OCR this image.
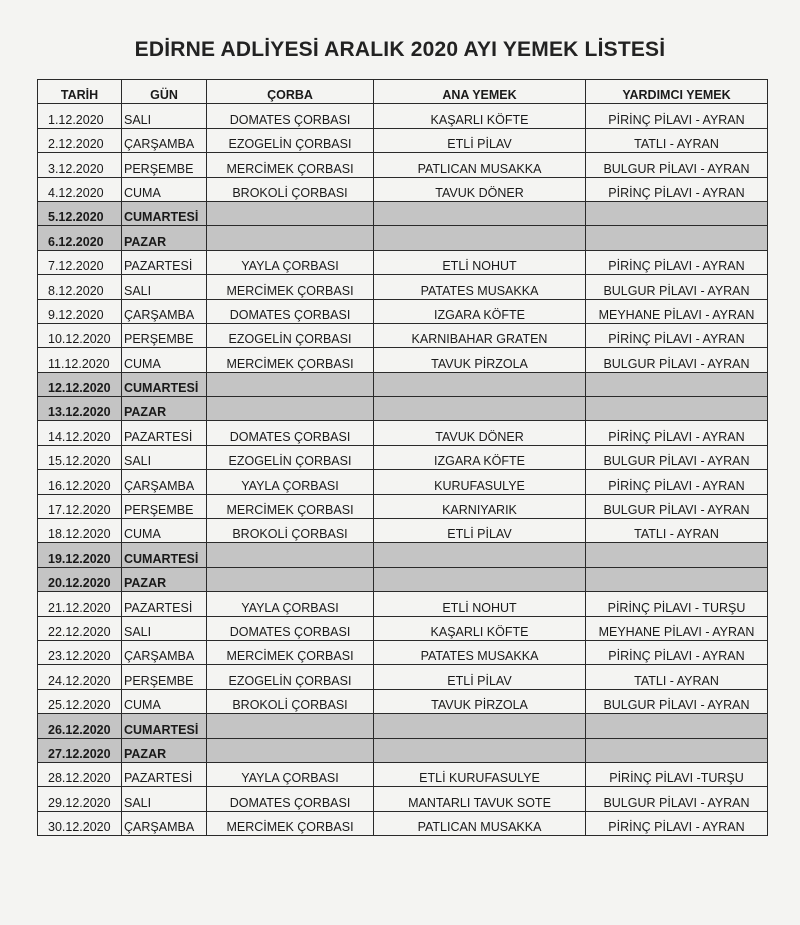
EDİRNE ADLİYESİ ARALIK 2020 AYI YEMEK LİSTESİ
TARİH	GÜN	ÇORBA	ANA YEMEK	YARDIMCI YEMEK
1.12.2020	SALI	DOMATES ÇORBASI	KAŞARLI KÖFTE	PİRİNÇ PİLAVI - AYRAN
2.12.2020	ÇARŞAMBA	EZOGELİN ÇORBASI	ETLİ PİLAV	TATLI - AYRAN
3.12.2020	PERŞEMBE	MERCİMEK ÇORBASI	PATLICAN MUSAKKA	BULGUR PİLAVI - AYRAN
4.12.2020	CUMA	BROKOLİ ÇORBASI	TAVUK DÖNER	PİRİNÇ PİLAVI - AYRAN
5.12.2020	CUMARTESİ			
6.12.2020	PAZAR			
7.12.2020	PAZARTESİ	YAYLA ÇORBASI	ETLİ NOHUT	PİRİNÇ PİLAVI - AYRAN
8.12.2020	SALI	MERCİMEK ÇORBASI	PATATES MUSAKKA	BULGUR PİLAVI - AYRAN
9.12.2020	ÇARŞAMBA	DOMATES ÇORBASI	IZGARA KÖFTE	MEYHANE PİLAVI - AYRAN
10.12.2020	PERŞEMBE	EZOGELİN ÇORBASI	KARNIBAHAR GRATEN	PİRİNÇ PİLAVI - AYRAN
11.12.2020	CUMA	MERCİMEK ÇORBASI	TAVUK PİRZOLA	BULGUR PİLAVI - AYRAN
12.12.2020	CUMARTESİ			
13.12.2020	PAZAR			
14.12.2020	PAZARTESİ	DOMATES ÇORBASI	TAVUK DÖNER	PİRİNÇ PİLAVI - AYRAN
15.12.2020	SALI	EZOGELİN ÇORBASI	IZGARA KÖFTE	BULGUR PİLAVI - AYRAN
16.12.2020	ÇARŞAMBA	YAYLA ÇORBASI	KURUFASULYE	PİRİNÇ PİLAVI - AYRAN
17.12.2020	PERŞEMBE	MERCİMEK ÇORBASI	KARNIYARIK	BULGUR PİLAVI - AYRAN
18.12.2020	CUMA	BROKOLİ ÇORBASI	ETLİ PİLAV	TATLI - AYRAN
19.12.2020	CUMARTESİ			
20.12.2020	PAZAR			
21.12.2020	PAZARTESİ	YAYLA ÇORBASI	ETLİ NOHUT	PİRİNÇ PİLAVI - TURŞU
22.12.2020	SALI	DOMATES ÇORBASI	KAŞARLI KÖFTE	MEYHANE PİLAVI - AYRAN
23.12.2020	ÇARŞAMBA	MERCİMEK ÇORBASI	PATATES MUSAKKA	PİRİNÇ PİLAVI - AYRAN
24.12.2020	PERŞEMBE	EZOGELİN ÇORBASI	ETLİ PİLAV	TATLI - AYRAN
25.12.2020	CUMA	BROKOLİ ÇORBASI	TAVUK PİRZOLA	BULGUR PİLAVI - AYRAN
26.12.2020	CUMARTESİ			
27.12.2020	PAZAR			
28.12.2020	PAZARTESİ	YAYLA ÇORBASI	ETLİ KURUFASULYE	PİRİNÇ PİLAVI -TURŞU
29.12.2020	SALI	DOMATES ÇORBASI	MANTARLI TAVUK SOTE	BULGUR PİLAVI - AYRAN
30.12.2020	ÇARŞAMBA	MERCİMEK ÇORBASI	PATLICAN MUSAKKA	PİRİNÇ PİLAVI - AYRAN
